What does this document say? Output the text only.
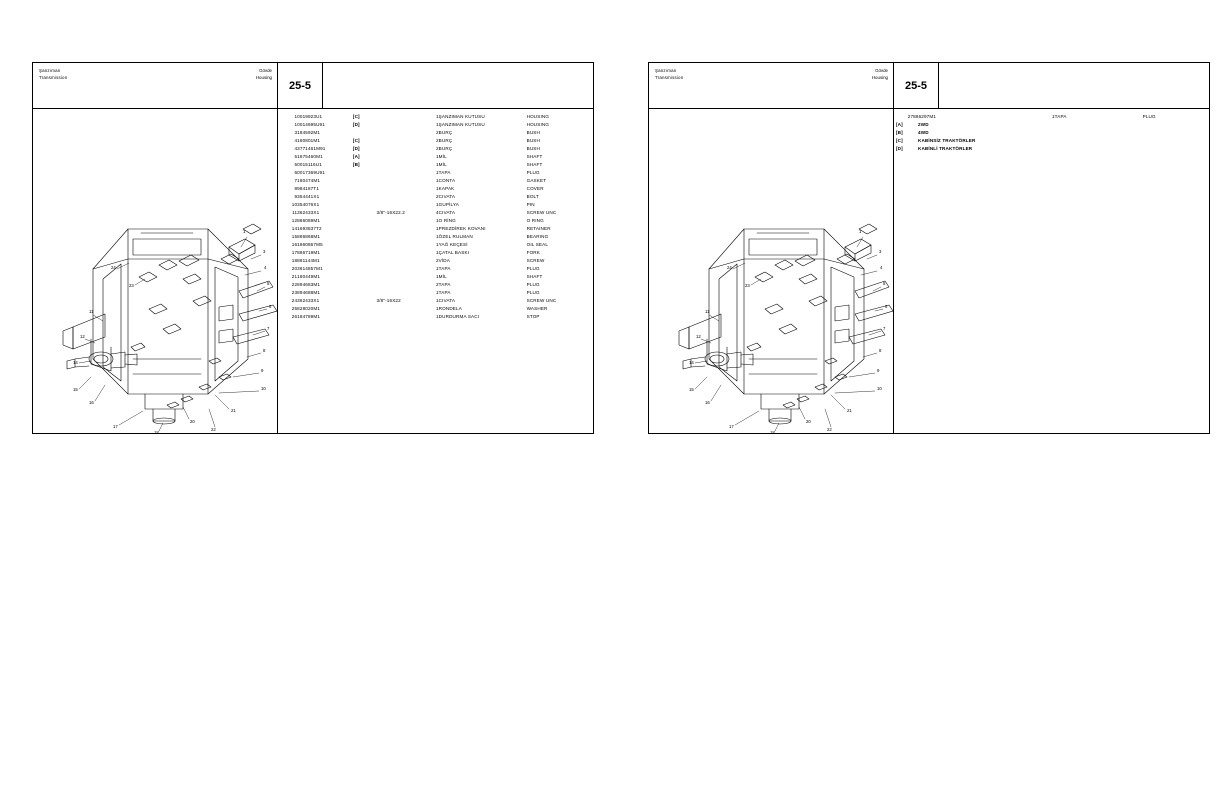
Şanzıman
Transmission
Gövde
Housing
25-5
1
3
4
5
6
7
8
9
10
11
12
14
15
16
17
18
20
21
22
23
24
1	0019923U1	[C]		1	ŞANZIMAN KUTUSU	HOUSING
1	0014695U91	[D]		1	ŞANZIMAN KUTUSU	HOUSING
3	184592M1			2	BURÇ	BUSH
4	180801M1	[C]		2	BURÇ	BUSH
4	3771461M91	[D]		2	BURÇ	BUSH
5	1675460M1	[A]		1	MİL	SHAFT
5	0015116U1	[B]		1	MİL	SHAFT
6	0017369U91			1	TAPA	PLUG
7	180474M1			1	CONTA	GASKET
8	984187T1			1	KAPAK	COVER
9	354441X1			2	CIVATA	BOLT
10	354076X1			1	GUPİLYA	PIN
11	362433X1		3/8"-16X22.2	4	CIVATA	SCREW UNC
12	886089M1			1	O RİNG	O RING
14	1693837T2			1	PREZDİREK KOVANI	RETAINER
15	886868M1			1	ÖZEL RULMAN	BEARING
16	1860867M5			1	YAĞ KEÇESİ	OIL SEAL
17	886719M1			1	ÇATAL BASKI	FORK
18	881144M1			2	VİDA	SCREW
20	3614857M1			1	TAPA	PLUG
21	180449M1			1	MİL	SHAFT
22	894683M1			2	TAPA	PLUG
23	894688M1			1	TAPA	PLUG
24	362433X1		3/8"-16X22	1	CIVATA	SCREW UNC
25	828020M1			1	RONDELA	WASHER
26	184789M1			1	DURDURMA SACI	STOP
Şanzıman
Transmission
Gövde
Housing
25-5
1
3
4
5
6
7
8
9
10
11
12
14
15
16
17
18
20
21
22
23
24
27	886297M1			1	TAPA	PLUG
[A]	2WD
[B]	4WD
[C]	KABİNSİZ TRAKTÖRLER
[D]	KABİNLİ TRAKTÖRLER
